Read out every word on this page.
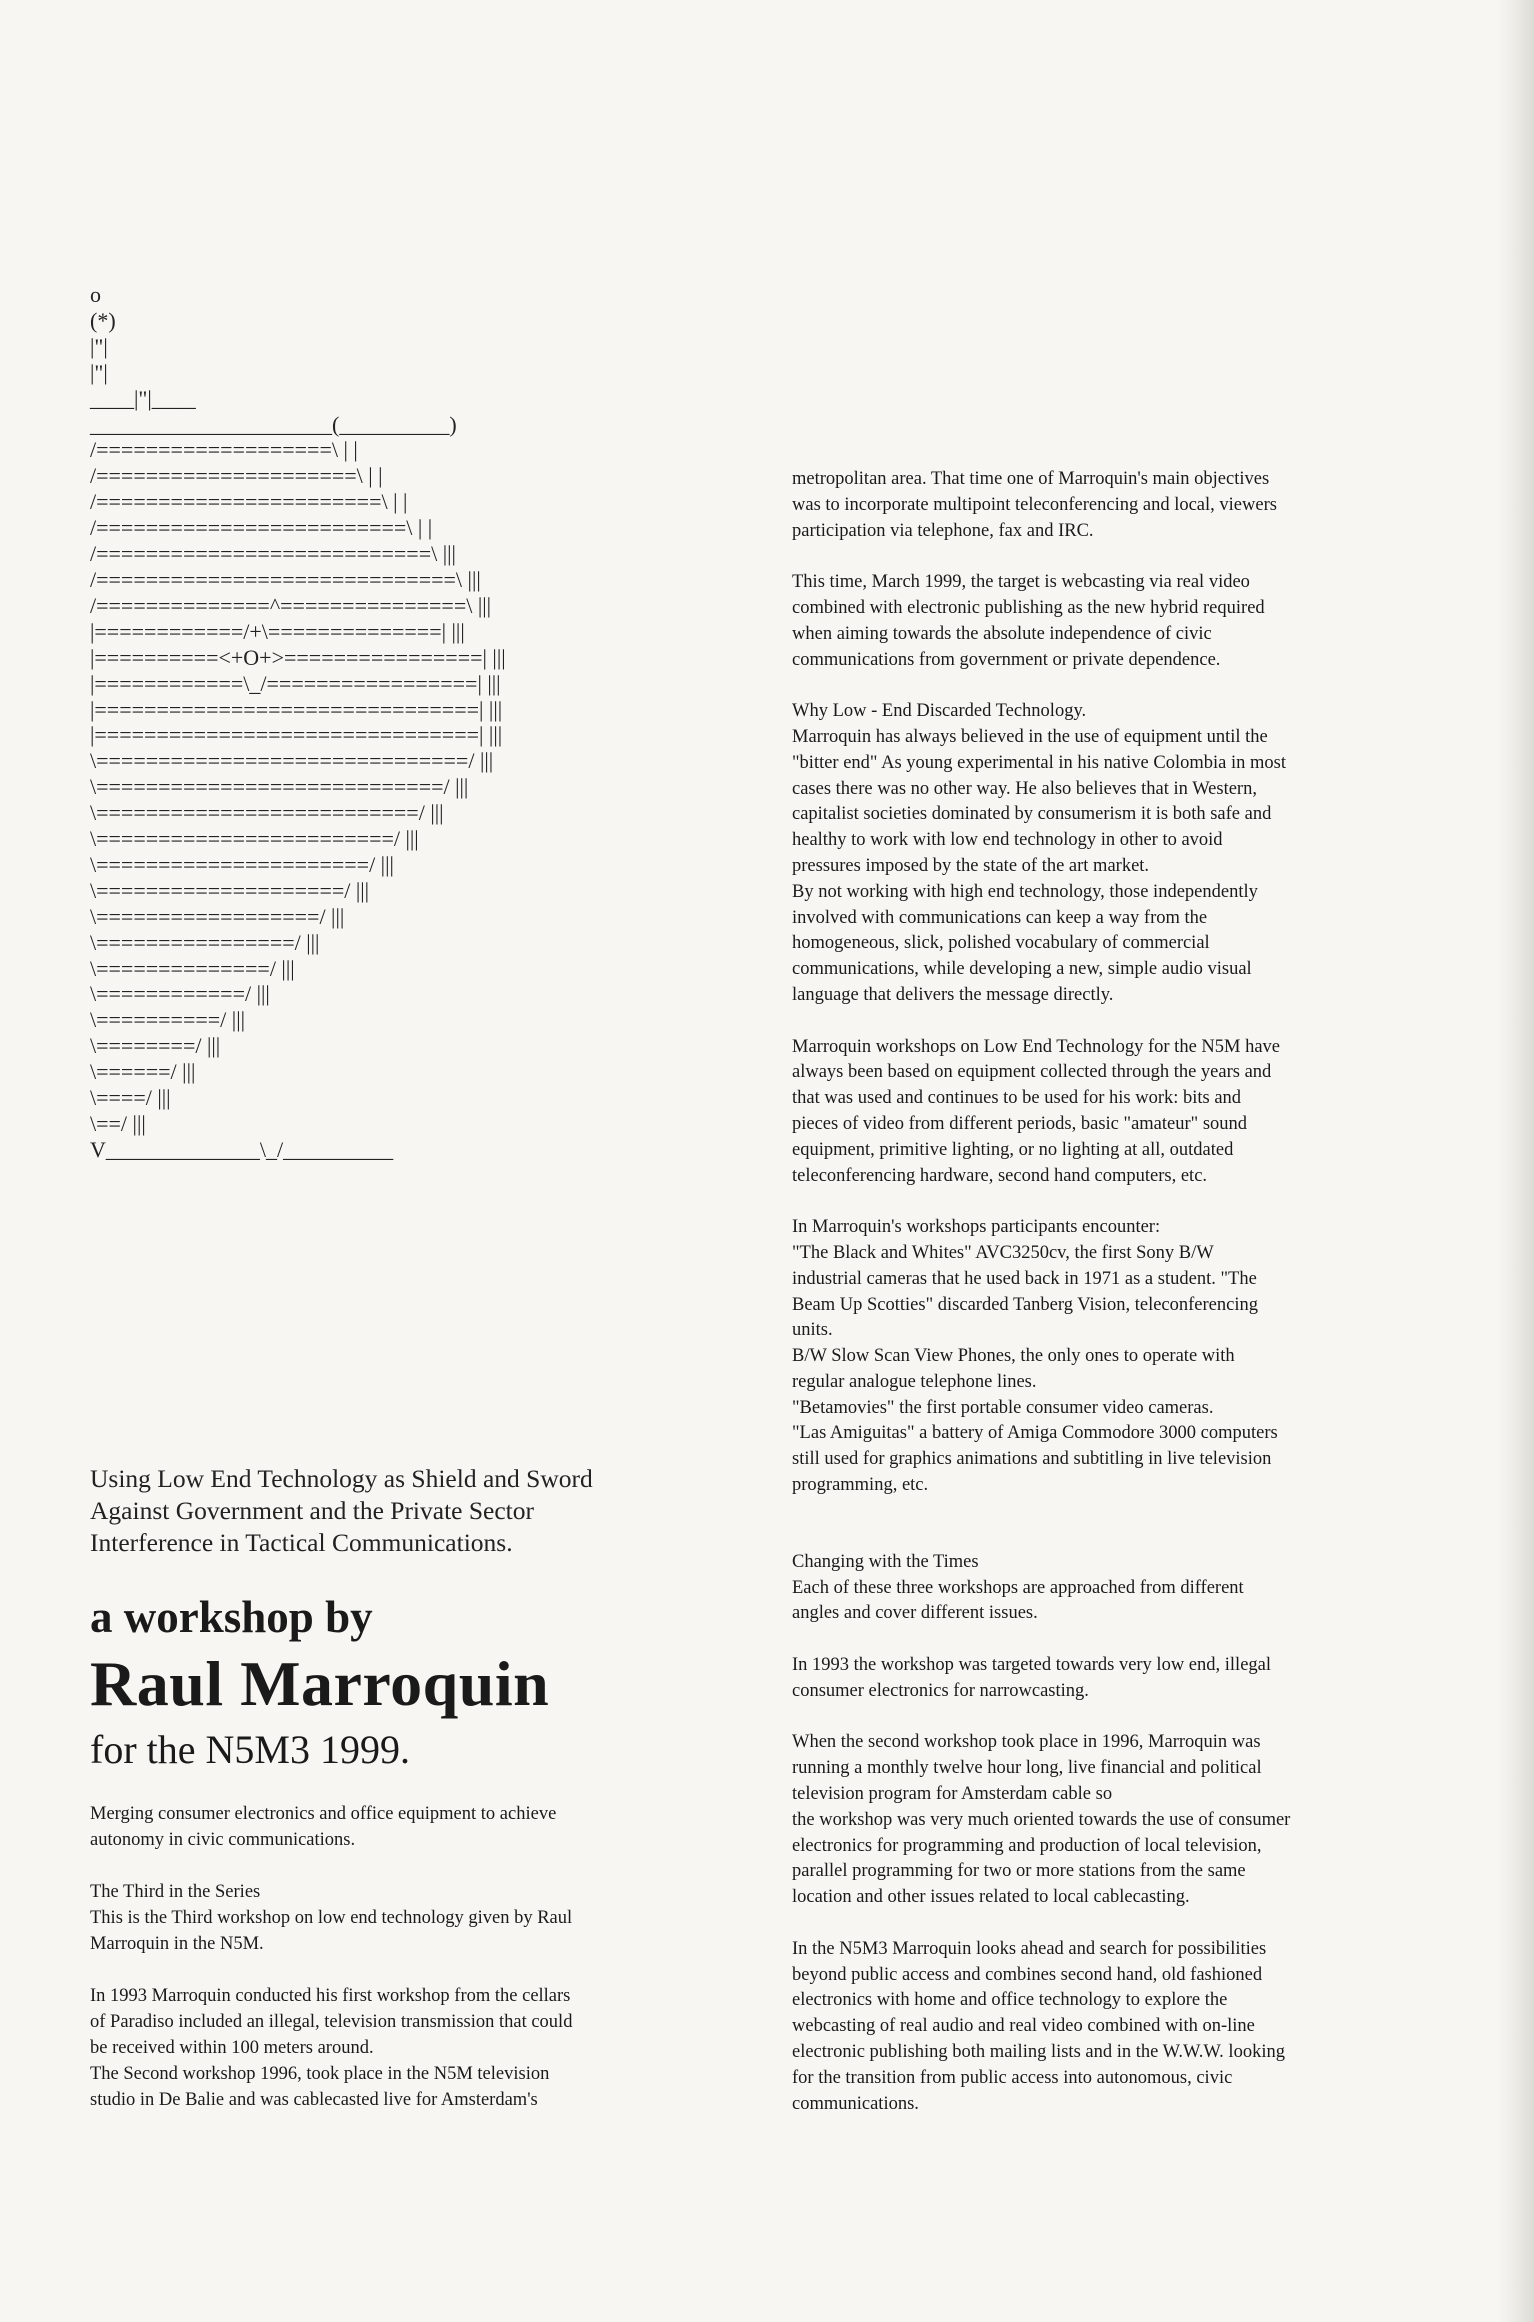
o
(*)
|"|
|"|
____|"|____
______________________(__________)
/===================\ | |
/=====================\ | |
/=======================\ | |
/=========================\ | |
/===========================\ |||
/=============================\ |||
/==============^===============\ |||
|============/+\==============| |||
|==========<+O+>================| |||
|============\_/=================| |||
|===============================| |||
|===============================| |||
\==============================/ |||
\============================/ |||
\==========================/ |||
\========================/ |||
\======================/ |||
\====================/ |||
\==================/ |||
\================/ |||
\==============/ |||
\============/ |||
\==========/ |||
\========/ |||
\======/ |||
\====/ |||
\==/ |||
V______________\_/__________
Using Low End Technology as Shield and Sword
Against Government and the Private Sector
Interference in Tactical Communications.
a workshop by
Raul Marroquin
for the N5M3 1999.
Merging consumer electronics and office equipment to achieve
autonomy in civic communications.
The Third in the Series
This is the Third workshop on low end technology given by Raul
Marroquin in the N5M.
In 1993 Marroquin conducted his first workshop from the cellars
of Paradiso included an illegal, television transmission that could
be received within 100 meters around.
The Second workshop 1996, took place in the N5M television
studio in De Balie and was cablecasted live for Amsterdam's
metropolitan area. That time one of Marroquin's main objectives
was to incorporate multipoint teleconferencing and local, viewers
participation via telephone, fax and IRC.
This time, March 1999, the target is webcasting via real video
combined with electronic publishing as the new hybrid required
when aiming towards the absolute independence of civic
communications from government or private dependence.
Why Low - End Discarded Technology.
Marroquin has always believed in the use of equipment until the
"bitter end" As young experimental in his native Colombia in most
cases there was no other way. He also believes that in Western,
capitalist societies dominated by consumerism it is both safe and
healthy to work with low end technology in other to avoid
pressures imposed by the state of the art market.
By not working with high end technology, those independently
involved with communications can keep a way from the
homogeneous, slick, polished vocabulary of commercial
communications, while developing a new, simple audio visual
language that delivers the message directly.
Marroquin workshops on Low End Technology for the N5M have
always been based on equipment collected through the years and
that was used and continues to be used for his work: bits and
pieces of video from different periods, basic "amateur" sound
equipment, primitive lighting, or no lighting at all, outdated
teleconferencing hardware, second hand computers, etc.
In Marroquin's workshops participants encounter:
"The Black and Whites" AVC3250cv, the first Sony B/W
industrial cameras that he used back in 1971 as a student. "The
Beam Up Scotties" discarded Tanberg Vision, teleconferencing
units.
B/W Slow Scan View Phones, the only ones to operate with
regular analogue telephone lines.
"Betamovies" the first portable consumer video cameras.
"Las Amiguitas" a battery of Amiga Commodore 3000 computers
still used for graphics animations and subtitling in live television
programming, etc.
Changing with the Times
Each of these three workshops are approached from different
angles and cover different issues.
In 1993 the workshop was targeted towards very low end, illegal
consumer electronics for narrowcasting.
When the second workshop took place in 1996, Marroquin was
running a monthly twelve hour long, live financial and political
television program for Amsterdam cable so
the workshop was very much oriented towards the use of consumer
electronics for programming and production of local television,
parallel programming for two or more stations from the same
location and other issues related to local cablecasting.
In the N5M3 Marroquin looks ahead and search for possibilities
beyond public access and combines second hand, old fashioned
electronics with home and office technology to explore the
webcasting of real audio and real video combined with on-line
electronic publishing both mailing lists and in the W.W.W. looking
for the transition from public access into autonomous, civic
communications.
